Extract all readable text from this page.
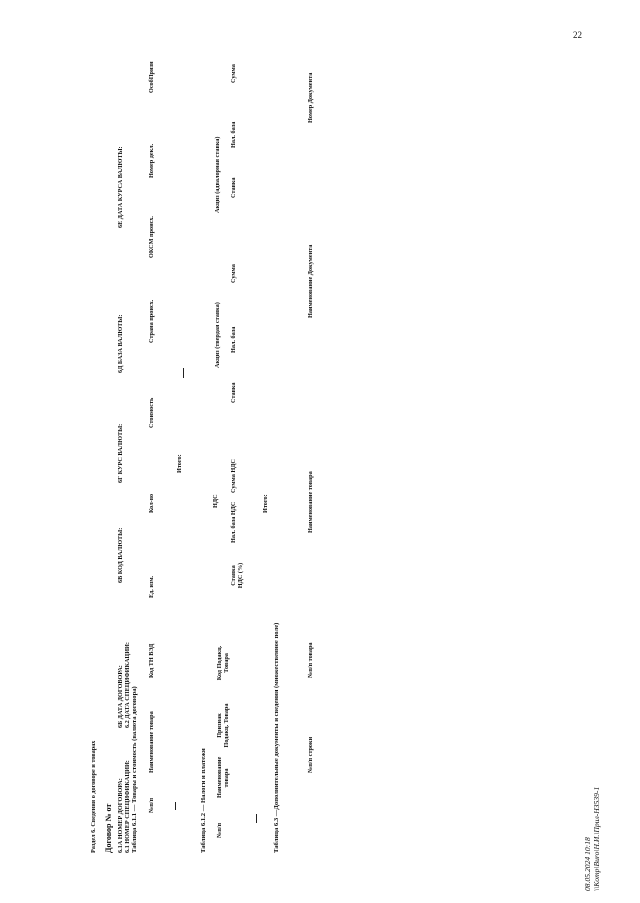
22
Раздел 6. Сведения о договоре и товарах Договор № от 6.1А НОМЕР ДОГОВОРА:
6Б ДАТА ДОГОВОРА:
6.1 НОМЕР СПЕЦИФИКАЦИИ:
6.2 ДАТА СПЕЦИФИКАЦИИ:
6В КОД ВАЛЮТЫ:
6Г КУРС ВАЛЮТЫ:
6Д БАЗА ВАЛЮТЫ:
6Е ДАТА КУРСА ВАЛЮТЫ:
Таблица 6.1.1 — Товары и стоимость (валюта договора) №п/п
Наименование товара
Код ТН ВЭД
Ед. изм.
Кол-во
Стоимость
Страна происх.
ОКСМ происх.
Номер декл.
ОсобПризн
Итого:
Таблица 6.1.2 — Налоги и платежи №п/п
Наименование товара
Признак Подакц. Товара
Код Подакц. Товара
Ставка НДС (%)
НДС
Нал. база НДС
Сумма НДС
Акциз (твердая ставка)
Ставка
Нал. база
Сумма
Акциз (адвалорная ставка) Ставка
Нал. база
Сумма
Итого:
Таблица 6.3 —Дополнительные документы и сведения (множественное поле)	№п/п строки
№п/п товара
Наименование товара
Наименование Документа
Номер Документа
08.05.2024 10:18 \\Komp\Buro\Н.И.\Прил-НЗ539-1
